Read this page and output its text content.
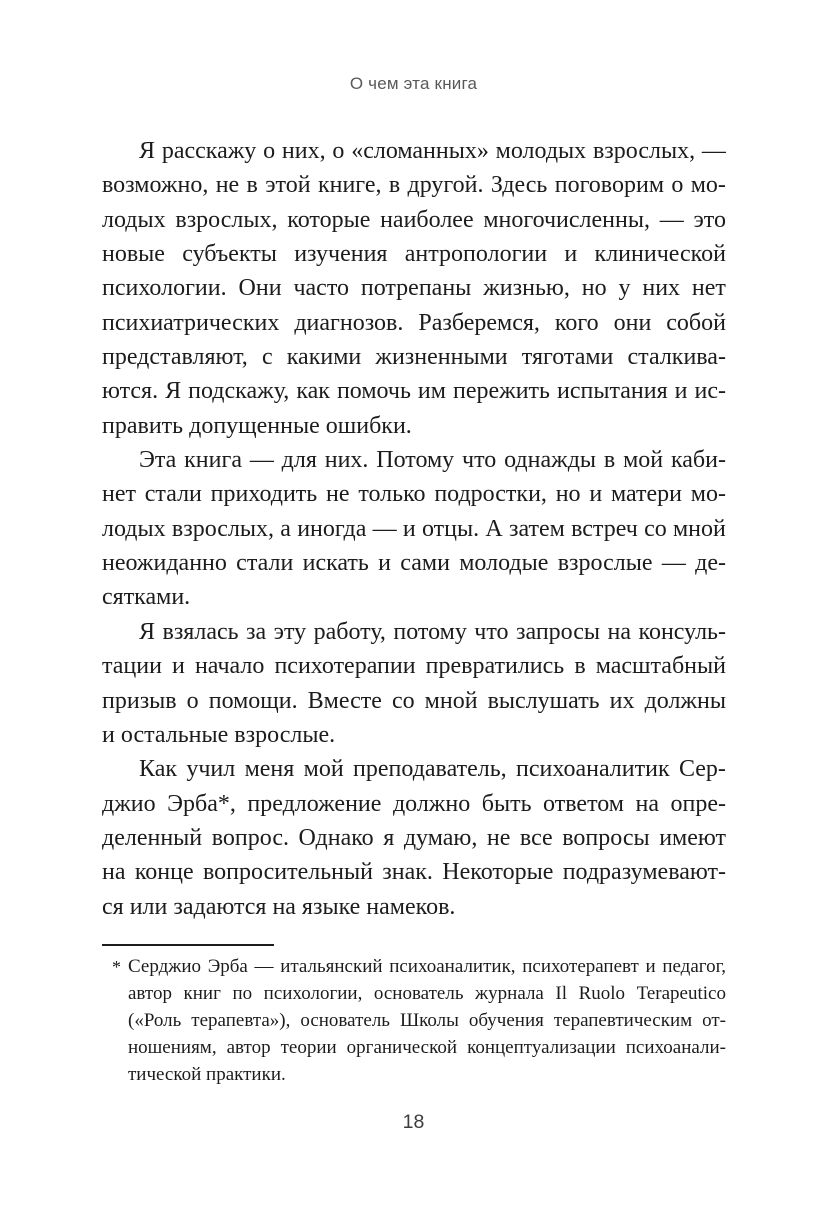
О чем эта книга
Я расскажу о них, о «сломанных» молодых взрослых, —
возможно, не в этой книге, в другой. Здесь поговорим о мо-
лодых взрослых, которые наиболее многочисленны, — это
новые субъекты изучения антропологии и клинической
психологии. Они часто потрепаны жизнью, но у них нет
психиатрических диагнозов. Разберемся, кого они собой
представляют, с какими жизненными тяготами сталкива-
ются. Я подскажу, как помочь им пережить испытания и ис-
править допущенные ошибки.
Эта книга — для них. Потому что однажды в мой каби-
нет стали приходить не только подростки, но и матери мо-
лодых взрослых, а иногда — и отцы. А затем встреч со мной
неожиданно стали искать и сами молодые взрослые — де-
сятками.
Я взялась за эту работу, потому что запросы на консуль-
тации и начало психотерапии превратились в масштабный
призыв о помощи. Вместе со мной выслушать их должны
и остальные взрослые.
Как учил меня мой преподаватель, психоаналитик Сер-
джио Эрба*, предложение должно быть ответом на опре-
деленный вопрос. Однако я думаю, не все вопросы имеют
на конце вопросительный знак. Некоторые подразумевают-
ся или задаются на языке намеков.
* Серджио Эрба — итальянский психоаналитик, психотерапевт и педагог,
автор книг по психологии, основатель журнала Il Ruolo Terapeutico
(«Роль терапевта»), основатель Школы обучения терапевтическим от-
ношениям, автор теории органической концептуализации психоанали-
тической практики.
18
